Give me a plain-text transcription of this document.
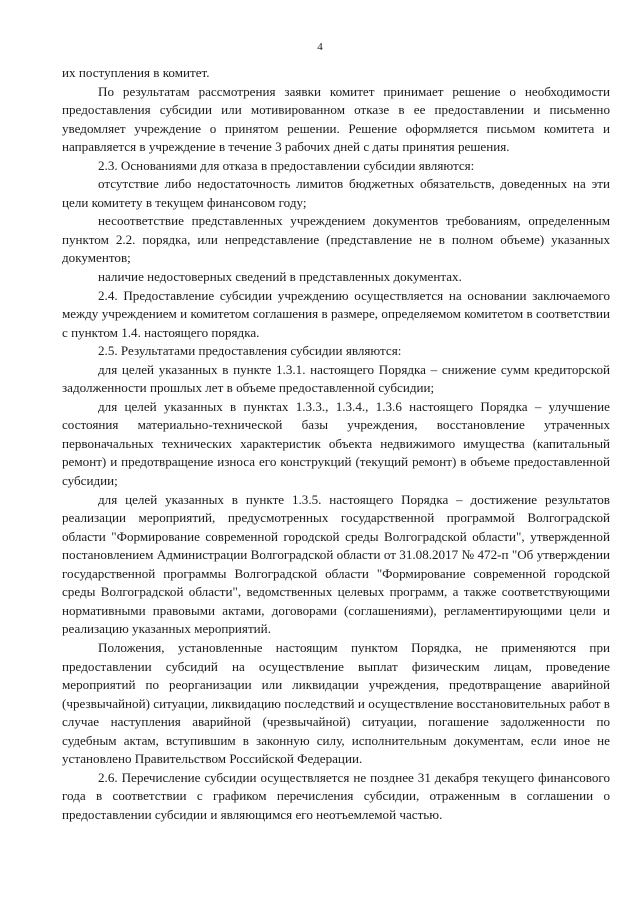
4

их поступления в комитет.

По результатам рассмотрения заявки комитет принимает решение о необходимости предоставления субсидии или мотивированном отказе в ее предоставлении и письменно уведомляет учреждение о принятом решении. Решение оформляется письмом комитета и направляется в учреждение в течение 3 рабочих дней с даты принятия решения.

2.3. Основаниями для отказа в предоставлении субсидии являются:

отсутствие либо недостаточность лимитов бюджетных обязательств, доведенных на эти цели комитету в текущем финансовом году;

несоответствие представленных учреждением документов требованиям, определенным пунктом 2.2. порядка, или непредставление (представление не в полном объеме) указанных документов;

наличие недостоверных сведений в представленных документах.

2.4. Предоставление субсидии учреждению осуществляется на основании заключаемого между учреждением и комитетом соглашения в размере, определяемом комитетом в соответствии с пунктом 1.4. настоящего порядка.

2.5. Результатами предоставления субсидии являются:

для целей указанных в пункте 1.3.1. настоящего Порядка – снижение сумм кредиторской задолженности прошлых лет в объеме предоставленной субсидии;

для целей указанных в пунктах 1.3.3., 1.3.4., 1.3.6 настоящего Порядка – улучшение состояния материально-технической базы учреждения, восстановление утраченных первоначальных технических характеристик объекта недвижимого имущества (капитальный ремонт) и предотвращение износа его конструкций (текущий ремонт) в объеме предоставленной субсидии;

для целей указанных в пункте 1.3.5. настоящего Порядка – достижение результатов реализации мероприятий, предусмотренных государственной программой Волгоградской области "Формирование современной городской среды Волгоградской области", утвержденной постановлением Администрации Волгоградской области от 31.08.2017 № 472-п "Об утверждении государственной программы Волгоградской области "Формирование современной городской среды Волгоградской области", ведомственных целевых программ, а также соответствующими нормативными правовыми актами, договорами (соглашениями), регламентирующими цели и реализацию указанных мероприятий.

Положения, установленные настоящим пунктом Порядка, не применяются при предоставлении субсидий на осуществление выплат физическим лицам, проведение мероприятий по реорганизации или ликвидации учреждения, предотвращение аварийной (чрезвычайной) ситуации, ликвидацию последствий и осуществление восстановительных работ в случае наступления аварийной (чрезвычайной) ситуации, погашение задолженности по судебным актам, вступившим в законную силу, исполнительным документам, если иное не установлено Правительством Российской Федерации.

2.6. Перечисление субсидии осуществляется не позднее 31 декабря текущего финансового года в соответствии с графиком перечисления субсидии, отраженным в соглашении о предоставлении субсидии и являющимся его неотъемлемой частью.
